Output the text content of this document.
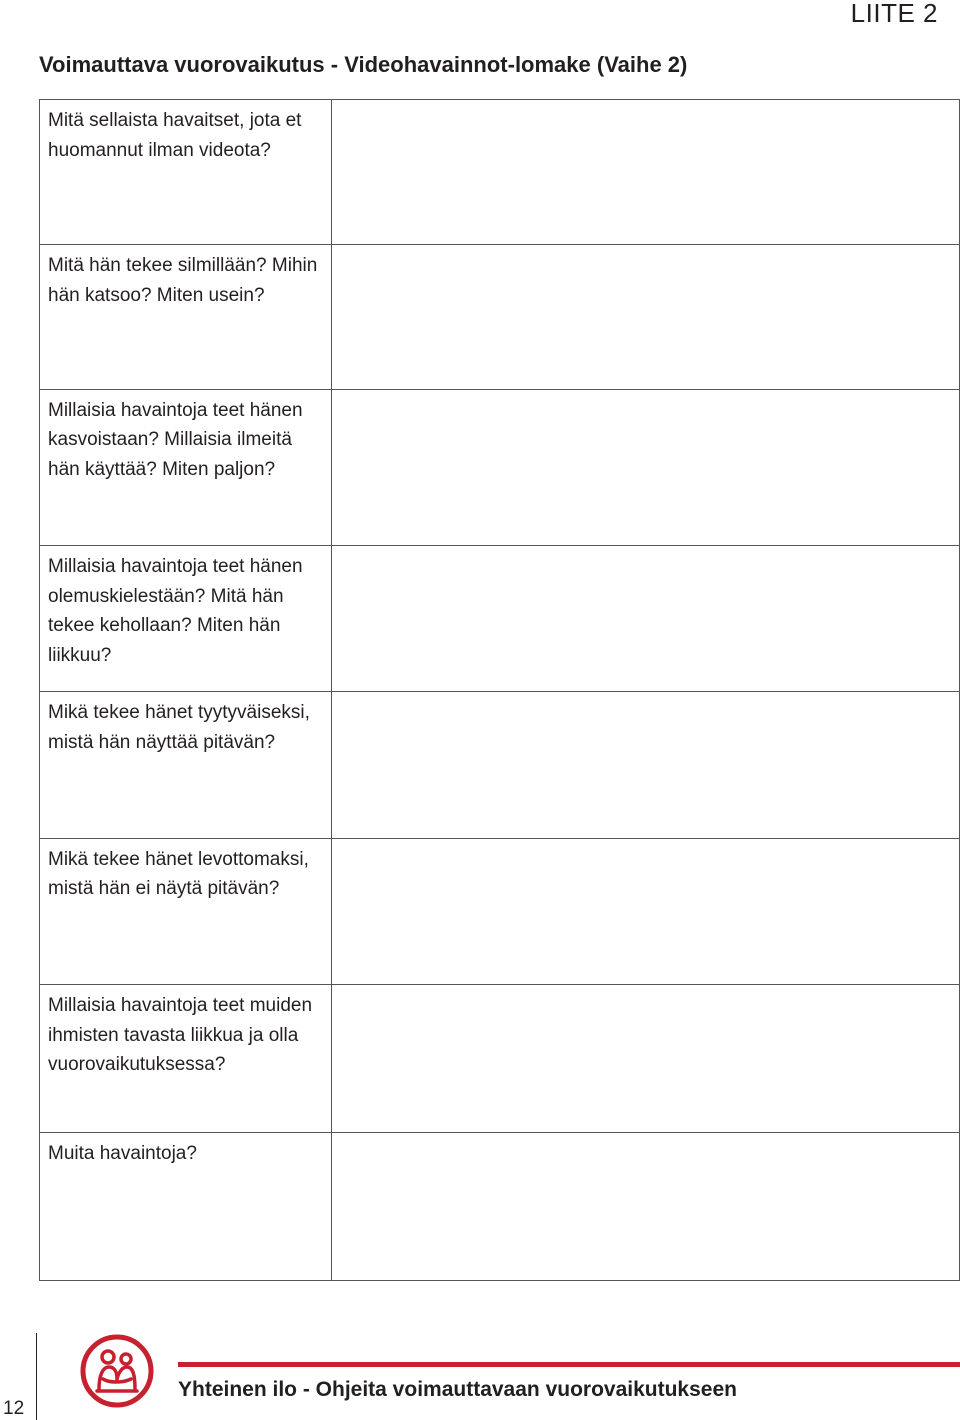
LIITE 2
Voimauttava vuorovaikutus - Videohavainnot-lomake (Vaihe 2)
Mitä sellaista havaitset, jota et huomannut ilman videota?	

Mitä hän tekee silmillään? Mihin hän katsoo? Miten usein?	

Millaisia havaintoja teet hänen kasvoistaan? Millaisia ilmeitä hän käyttää? Miten paljon?	

Millaisia havaintoja teet hänen olemuskielestään? Mitä hän tekee kehollaan? Miten hän liikkuu?	

Mikä tekee hänet tyytyväiseksi, mistä hän näyttää pitävän?	

Mikä tekee hänet levottomaksi, mistä hän ei näytä pitävän?	

Millaisia havaintoja teet muiden ihmisten tavasta liikkua ja olla vuorovaikutuksessa?	

Muita havaintoja?	

12
Yhteinen ilo - Ohjeita voimauttavaan vuorovaikutukseen
